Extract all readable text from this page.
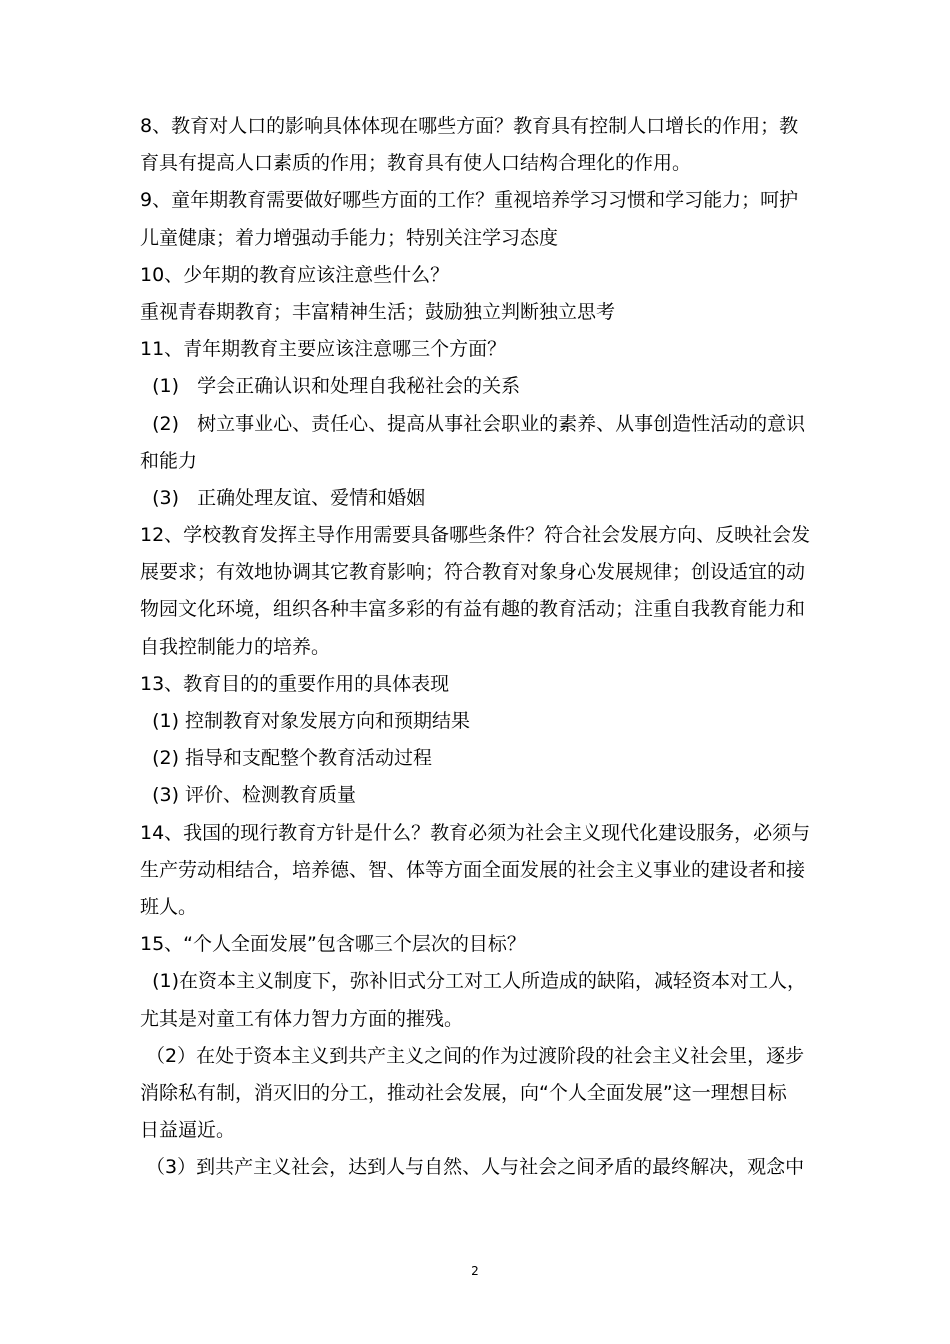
8、教育对人口的影响具体体现在哪些方面？教育具有控制人口增长的作用；教
育具有提高人口素质的作用；教育具有使人口结构合理化的作用。
9、童年期教育需要做好哪些方面的工作？重视培养学习习惯和学习能力；呵护
儿童健康；着力增强动手能力；特别关注学习态度
10、少年期的教育应该注意些什么？
重视青春期教育；丰富精神生活；鼓励独立判断独立思考
11、青年期教育主要应该注意哪三个方面？
(1)   学会正确认识和处理自我秘社会的关系
(2)   树立事业心、责任心、提高从事社会职业的素养、从事创造性活动的意识
和能力
(3)   正确处理友谊、爱情和婚姻
12、学校教育发挥主导作用需要具备哪些条件？符合社会发展方向、反映社会发
展要求；有效地协调其它教育影响；符合教育对象身心发展规律；创设适宜的动
物园文化环境，组织各种丰富多彩的有益有趣的教育活动；注重自我教育能力和
自我控制能力的培养。
13、教育目的的重要作用的具体表现
(1) 控制教育对象发展方向和预期结果
(2) 指导和支配整个教育活动过程
(3) 评价、检测教育质量
14、我国的现行教育方针是什么？教育必须为社会主义现代化建设服务，必须与
生产劳动相结合，培养德、智、体等方面全面发展的社会主义事业的建设者和接
班人。
15、“个人全面发展”包含哪三个层次的目标？
(1)在资本主义制度下，弥补旧式分工对工人所造成的缺陷，减轻资本对工人，
尤其是对童工有体力智力方面的摧残。
（2）在处于资本主义到共产主义之间的作为过渡阶段的社会主义社会里，逐步
消除私有制，消灭旧的分工，推动社会发展，向“个人全面发展”这一理想目标
日益逼近。
（3）到共产主义社会，达到人与自然、人与社会之间矛盾的最终解决，观念中
2
